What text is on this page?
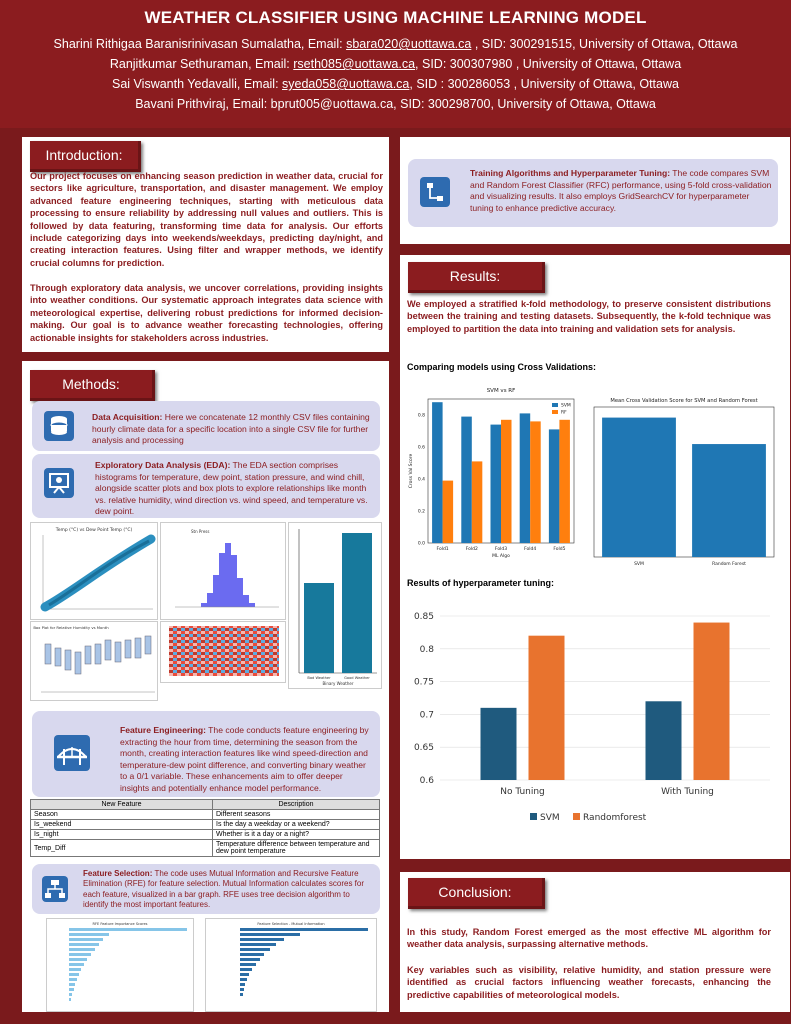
WEATHER CLASSIFIER USING MACHINE LEARNING MODEL
Sharini Rithigaa Baranisrinivasan Sumalatha, Email: sbara020@uottawa.ca , SID: 300291515, University of Ottawa, Ottawa
Ranjitkumar Sethuraman, Email: rseth085@uottawa.ca, SID: 300307980 , University of Ottawa, Ottawa
Sai Viswanth Yedavalli, Email: syeda058@uottawa.ca, SID : 300286053 , University of Ottawa, Ottawa
Bavani Prithviraj, Email: bprut005@uottawa.ca, SID: 300298700, University of Ottawa, Ottawa
Introduction:
Our project focuses on enhancing season prediction in weather data, crucial for sectors like agriculture, transportation, and disaster management. We employ advanced feature engineering techniques, starting with meticulous data processing to ensure reliability by addressing null values and outliers. This is followed by data featuring, transforming time data for analysis. Our efforts include categorizing days into weekends/weekdays, predicting day/night, and creating interaction features. Using filter and wrapper methods, we identify crucial columns for prediction.
Through exploratory data analysis, we uncover correlations, providing insights into weather conditions. Our systematic approach integrates data science with meteorological expertise, delivering robust predictions for informed decision-making. Our goal is to advance weather forecasting technologies, offering actionable insights for stakeholders across industries.
Methods:
Data Acquisition: Here we concatenate 12 monthly CSV files containing hourly climate data for a specific location into a single CSV file for further analysis and processing
Exploratory Data Analysis (EDA): The EDA section comprises histograms for temperature, dew point, station pressure, and wind chill, alongside scatter plots and box plots to explore relationships like month vs. relative humidity, wind direction vs. wind speed, and temperature vs. dew point.
Temp (°C) vs Dew Point Temp (°C)
Box Plot for Relative Humidity vs Month
Stn Press
Bad Weather	Good Weather
Binary Weather
Feature Engineering: The code conducts feature engineering by extracting the hour from time, determining the season from the month, creating interaction features like wind speed-direction and temperature-dew point difference, and converting binary weather to a 0/1 variable. These enhancements aim to offer deeper insights and potentially enhance model performance.
New Feature	Description
Season	Different seasons
Is_weekend	Is the day a weekday or a weekend?
Is_night	Whether is it a day or a night?
Temp_Diff	Temperature difference between temperature and dew point temperature
Feature Selection: The code uses Mutual Information and Recursive Feature Elimination (RFE) for feature selection. Mutual Information calculates scores for each feature, visualized in a bar graph. RFE uses tree decision algorithm to identify the most important features.
RFE Feature Importance Scores	Feature Selection - Mutual Information
Training Algorithms and Hyperparameter Tuning: The code compares SVM and Random Forest Classifier (RFC) performance, using 5-fold cross-validation and visualizing results. It also employs GridSearchCV for hyperparameter tuning to enhance predictive accuracy.
Results:
We employed a stratified k-fold methodology, to preserve consistent distributions between the training and testing datasets. Subsequently, the k-fold technique was employed to partition the data into training and validation sets for analysis.
Comparing models using Cross Validations:
SVM vs RF
0.0
0.2
0.4
0.6
0.8
Fold1	Fold2	Fold3	Fold4	Fold5
ML Algo
Cross Val Score
SVM
RF
Mean Cross Validation Score for SVM and Random Forest
SVM	Random Forest
Results of hyperparameter tuning:
0.6
0.65
0.7
0.75
0.8
0.85
No Tuning	With Tuning
SVM	Randomforest
Conclusion:
In this study, Random Forest emerged as the most effective ML algorithm for weather data analysis, surpassing alternative methods.
Key variables such as visibility, relative humidity, and station pressure were identified as crucial factors influencing weather forecasts, enhancing the predictive capabilities of meteorological models.
